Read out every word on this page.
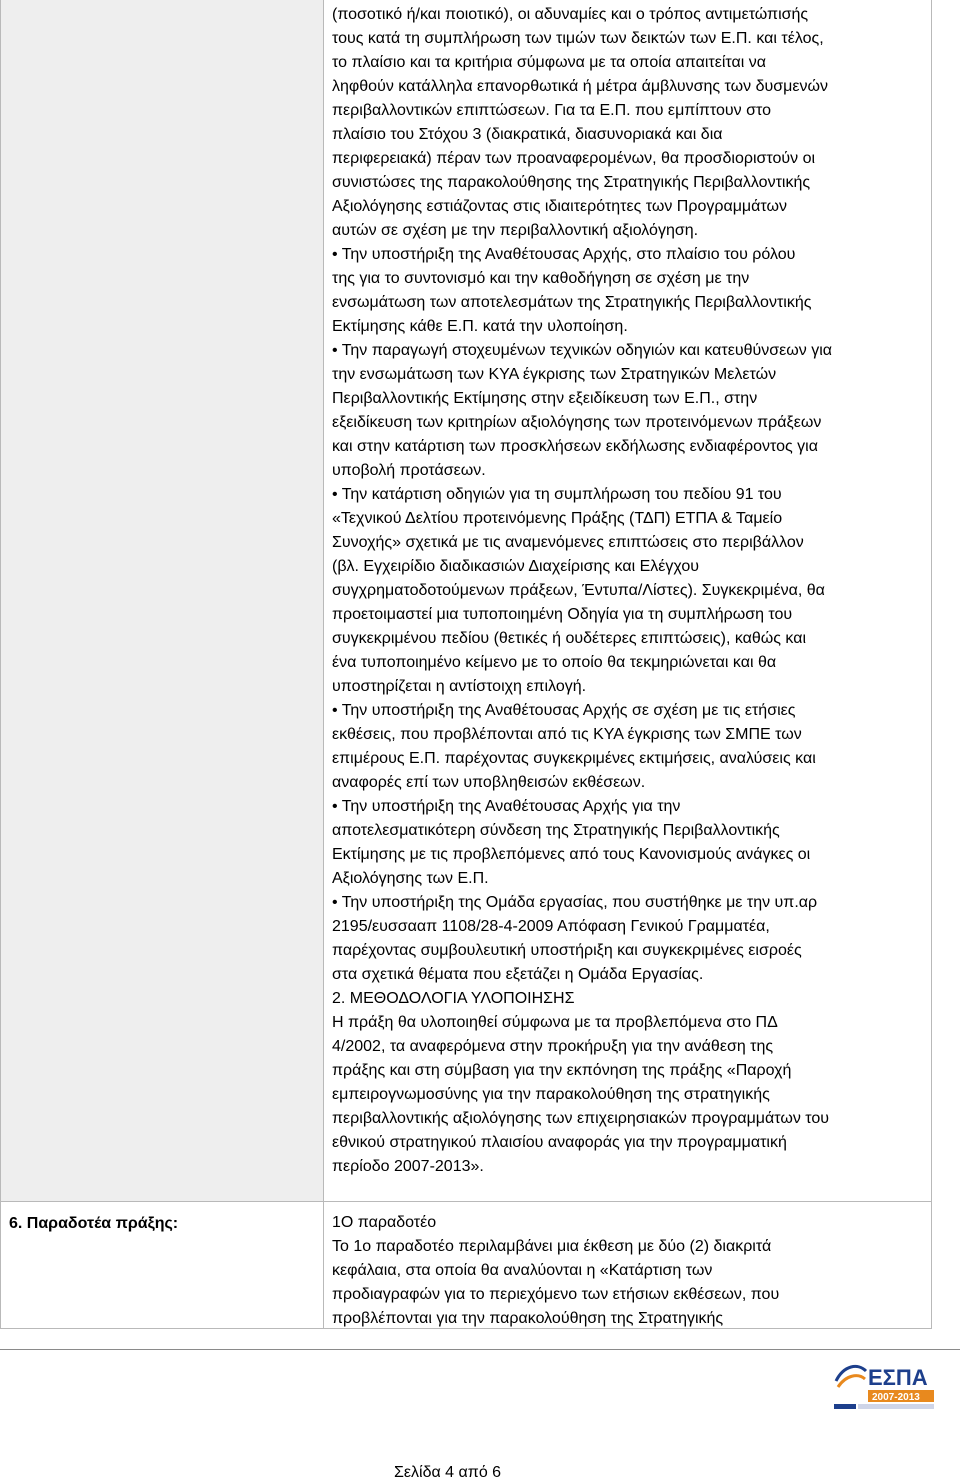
(ποσοτικό ή/και ποιοτικό), οι αδυναμίες και ο τρόπος αντιμετώπισής
τους κατά τη συμπλήρωση των τιμών των δεικτών των Ε.Π. και τέλος,
το πλαίσιο και τα κριτήρια σύμφωνα με τα οποία απαιτείται να
ληφθούν κατάλληλα επανορθωτικά ή μέτρα άμβλυνσης των δυσμενών
περιβαλλοντικών επιπτώσεων. Για τα Ε.Π. που εμπίπτουν στο
πλαίσιο του Στόχου 3 (διακρατικά, διασυνοριακά και δια
περιφερειακά) πέραν των προαναφερομένων, θα προσδιοριστούν οι
συνιστώσες της παρακολούθησης της Στρατηγικής Περιβαλλοντικής
Αξιολόγησης εστιάζοντας στις ιδιαιτερότητες των Προγραμμάτων
αυτών σε σχέση με την περιβαλλοντική αξιολόγηση.
• Την υποστήριξη της Αναθέτουσας Αρχής, στο πλαίσιο του ρόλου
της για το συντονισμό και την καθοδήγηση σε σχέση με την
ενσωμάτωση των αποτελεσμάτων της Στρατηγικής Περιβαλλοντικής
Εκτίμησης κάθε Ε.Π. κατά την υλοποίηση.
• Την παραγωγή στοχευμένων τεχνικών οδηγιών και κατευθύνσεων για
την ενσωμάτωση των ΚΥΑ έγκρισης των Στρατηγικών Μελετών
Περιβαλλοντικής Εκτίμησης στην εξειδίκευση των Ε.Π., στην
εξειδίκευση των κριτηρίων αξιολόγησης των προτεινόμενων πράξεων
και στην κατάρτιση των προσκλήσεων εκδήλωσης ενδιαφέροντος για
υποβολή προτάσεων.
• Την κατάρτιση οδηγιών για τη συμπλήρωση του πεδίου 91 του
«Τεχνικού Δελτίου προτεινόμενης Πράξης (ΤΔΠ) ΕΤΠΑ & Ταμείο
Συνοχής» σχετικά με τις αναμενόμενες επιπτώσεις στο περιβάλλον
(βλ. Εγχειρίδιο διαδικασιών Διαχείρισης και Ελέγχου
συγχρηματοδοτούμενων πράξεων, Έντυπα/Λίστες). Συγκεκριμένα, θα
προετοιμαστεί μια τυποποιημένη Οδηγία για τη συμπλήρωση του
συγκεκριμένου πεδίου (θετικές ή ουδέτερες επιπτώσεις), καθώς και
ένα τυποποιημένο κείμενο με το οποίο θα τεκμηριώνεται και θα
υποστηρίζεται η αντίστοιχη επιλογή.
• Την υποστήριξη της Αναθέτουσας Αρχής σε σχέση με τις ετήσιες
εκθέσεις, που προβλέπονται από τις ΚΥΑ έγκρισης των ΣΜΠΕ των
επιμέρους Ε.Π. παρέχοντας συγκεκριμένες εκτιμήσεις, αναλύσεις και
αναφορές επί των υποβληθεισών εκθέσεων.
• Την υποστήριξη της Αναθέτουσας Αρχής για την
αποτελεσματικότερη σύνδεση της Στρατηγικής Περιβαλλοντικής
Εκτίμησης με τις προβλεπόμενες από τους Κανονισμούς ανάγκες οι
Αξιολόγησης των Ε.Π.
• Την υποστήριξη της Ομάδα εργασίας, που συστήθηκε με την υπ.αρ
2195/ευσσααπ 1108/28-4-2009 Απόφαση Γενικού Γραμματέα,
παρέχοντας συμβουλευτική υποστήριξη και συγκεκριμένες εισροές
στα σχετικά θέματα που εξετάζει η Ομάδα Εργασίας.
2. ΜΕΘΟΔΟΛΟΓΙΑ ΥΛΟΠΟΙΗΣΗΣ
Η πράξη θα υλοποιηθεί σύμφωνα με τα προβλεπόμενα στο ΠΔ
4/2002, τα αναφερόμενα στην προκήρυξη για την ανάθεση της
πράξης και στη σύμβαση για την εκπόνηση της πράξης «Παροχή
εμπειρογνωμοσύνης για την παρακολούθηση της στρατηγικής
περιβαλλοντικής αξιολόγησης των επιχειρησιακών προγραμμάτων του
εθνικού στρατηγικού πλαισίου αναφοράς για την προγραμματική
περίοδο 2007-2013».
6. Παραδοτέα πράξης:	1Ο παραδοτέο
Το 1ο παραδοτέο περιλαμβάνει μια έκθεση με δύο (2) διακριτά
κεφάλαια, στα οποία θα αναλύονται η «Κατάρτιση των
προδιαγραφών για το περιεχόμενο των ετήσιων εκθέσεων, που
προβλέπονται για την παρακολούθηση της Στρατηγικής
ΕΣΠΑ
2007-2013
Σελίδα 4 από 6
